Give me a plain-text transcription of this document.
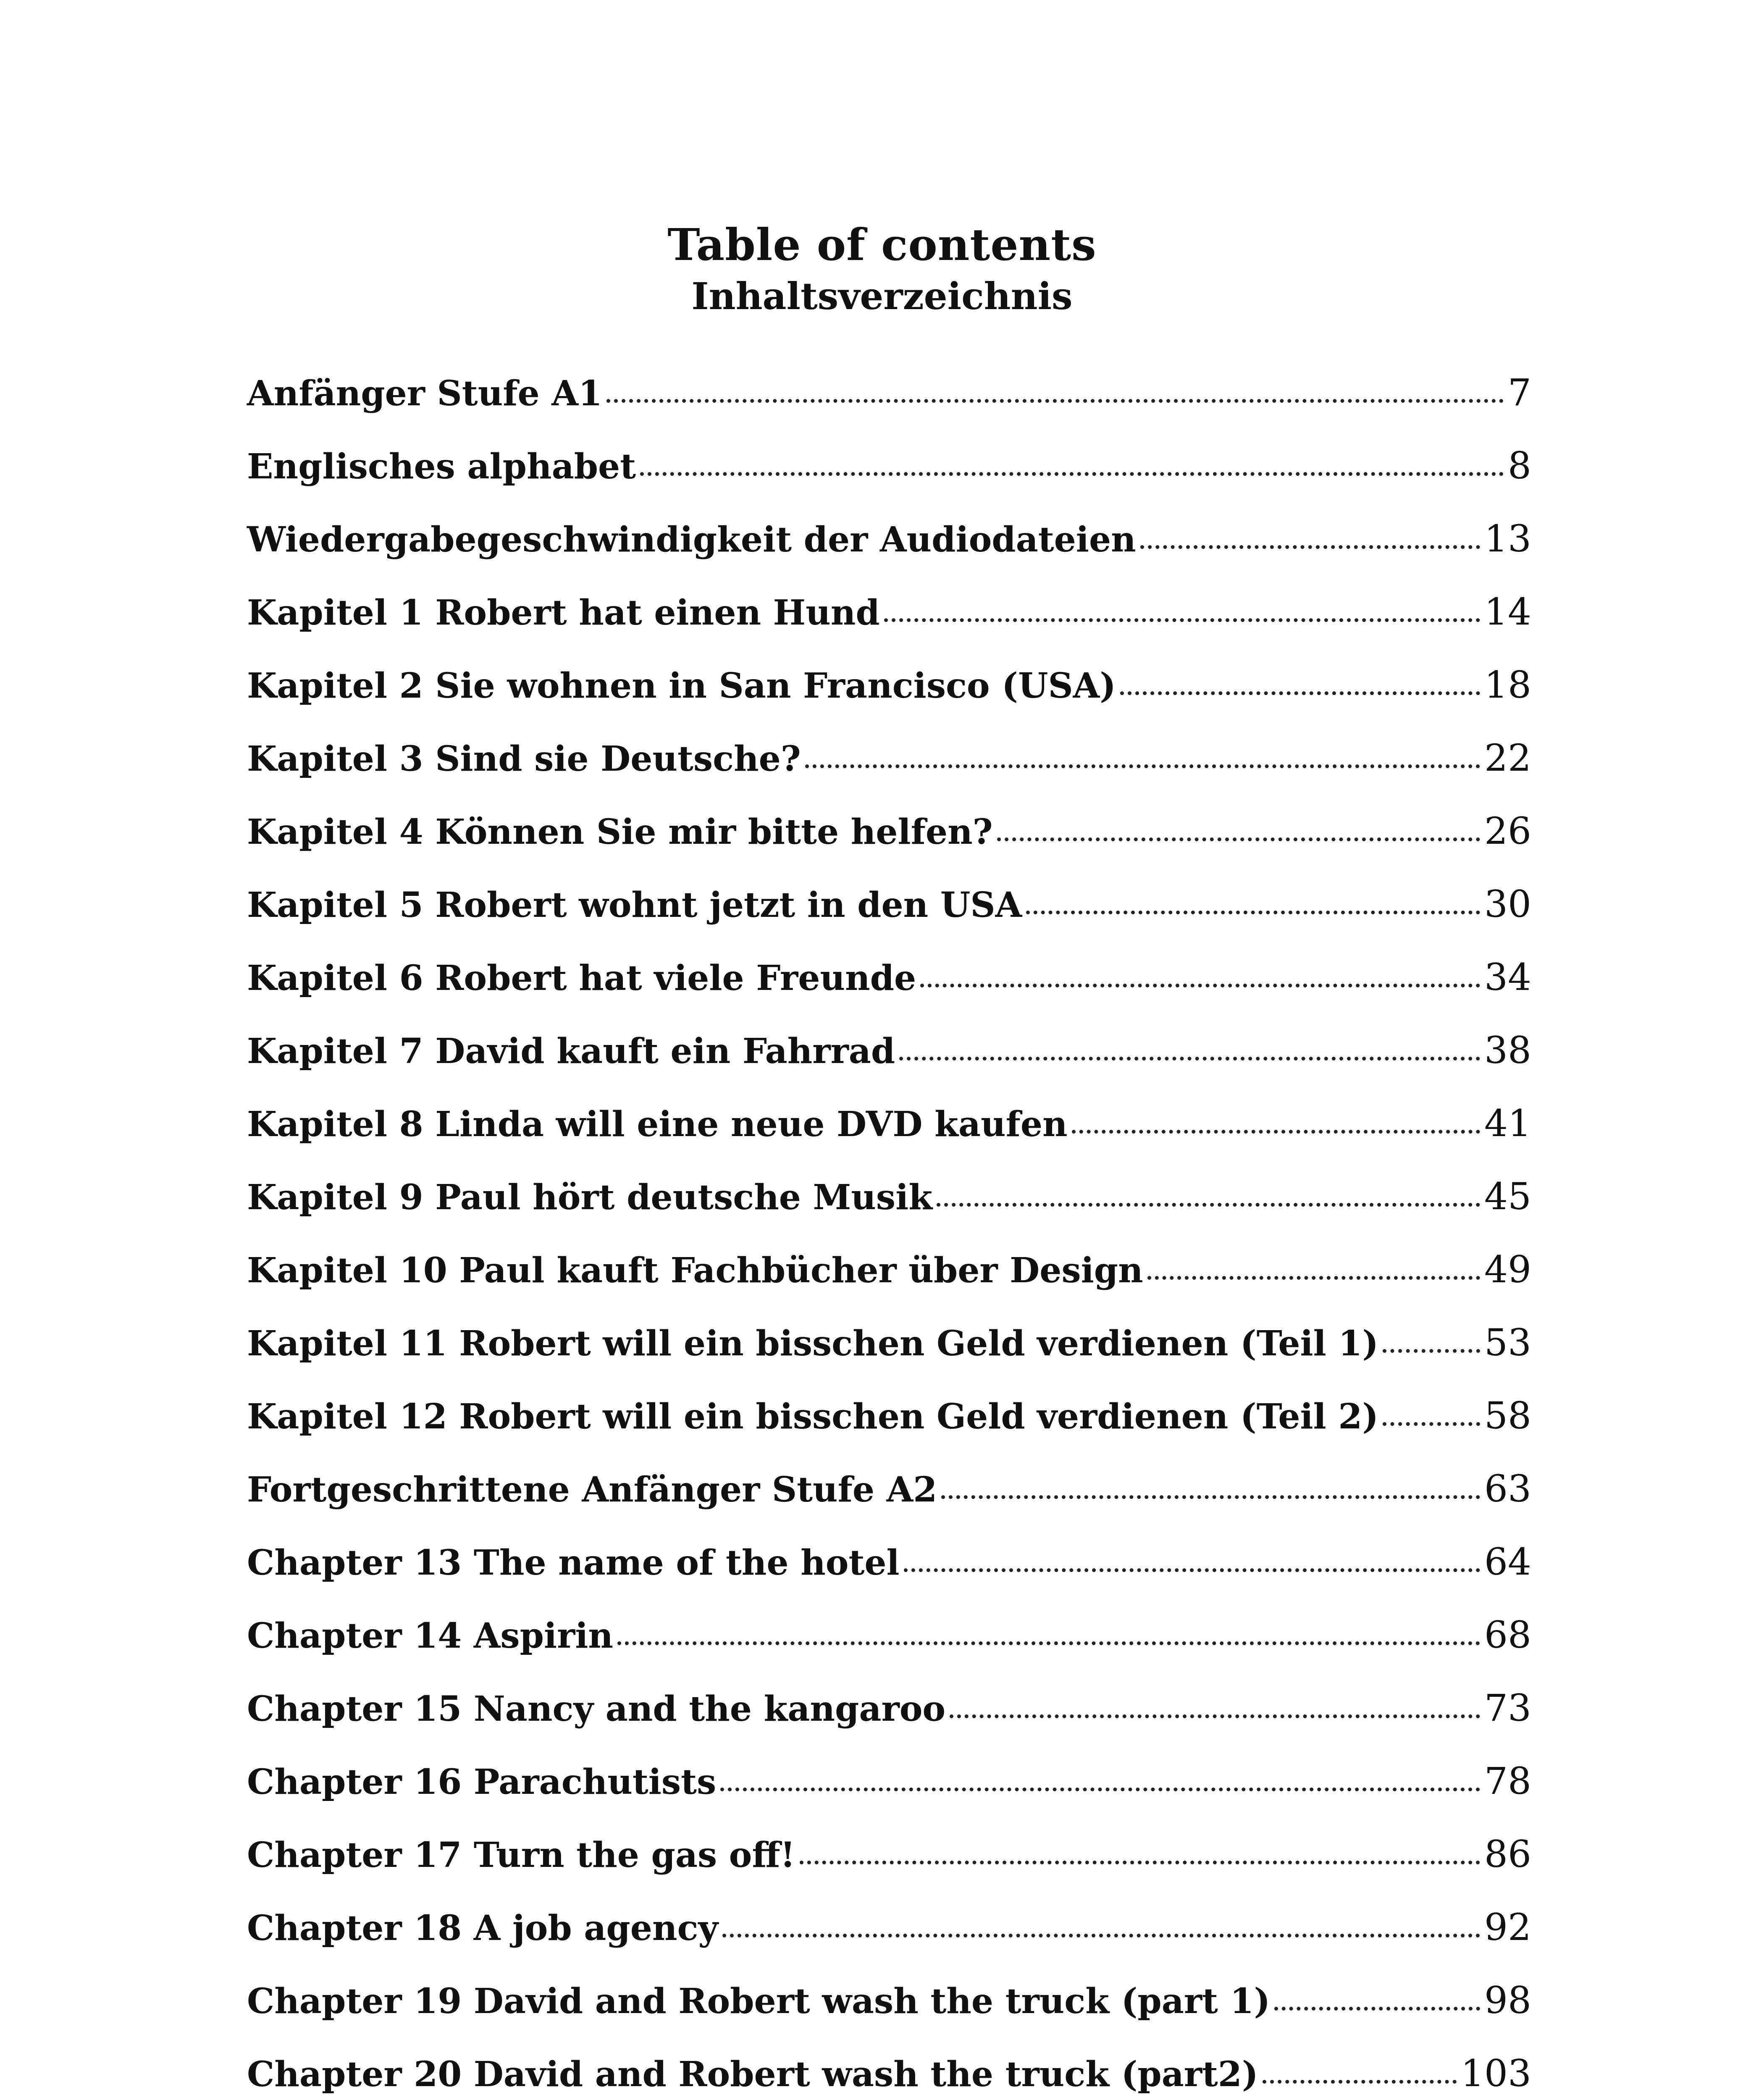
Table of contents
Inhaltsverzeichnis
Anfänger Stufe A1	7
Englisches alphabet	8
Wiedergabegeschwindigkeit der Audiodateien	13
Kapitel 1 Robert hat einen Hund	14
Kapitel 2 Sie wohnen in San Francisco (USA)	18
Kapitel 3 Sind sie Deutsche?	22
Kapitel 4 Können Sie mir bitte helfen?	26
Kapitel 5 Robert wohnt jetzt in den USA	30
Kapitel 6 Robert hat viele Freunde	34
Kapitel 7 David kauft ein Fahrrad	38
Kapitel 8 Linda will eine neue DVD kaufen	41
Kapitel 9 Paul hört deutsche Musik	45
Kapitel 10 Paul kauft Fachbücher über Design	49
Kapitel 11 Robert will ein bisschen Geld verdienen (Teil 1)	53
Kapitel 12 Robert will ein bisschen Geld verdienen (Teil 2)	58
Fortgeschrittene Anfänger Stufe A2	63
Chapter 13 The name of the hotel	64
Chapter 14 Aspirin	68
Chapter 15 Nancy and the kangaroo	73
Chapter 16 Parachutists	78
Chapter 17 Turn the gas off!	86
Chapter 18 A job agency	92
Chapter 19 David and Robert wash the truck (part 1)	98
Chapter 20 David and Robert wash the truck (part2)	103
